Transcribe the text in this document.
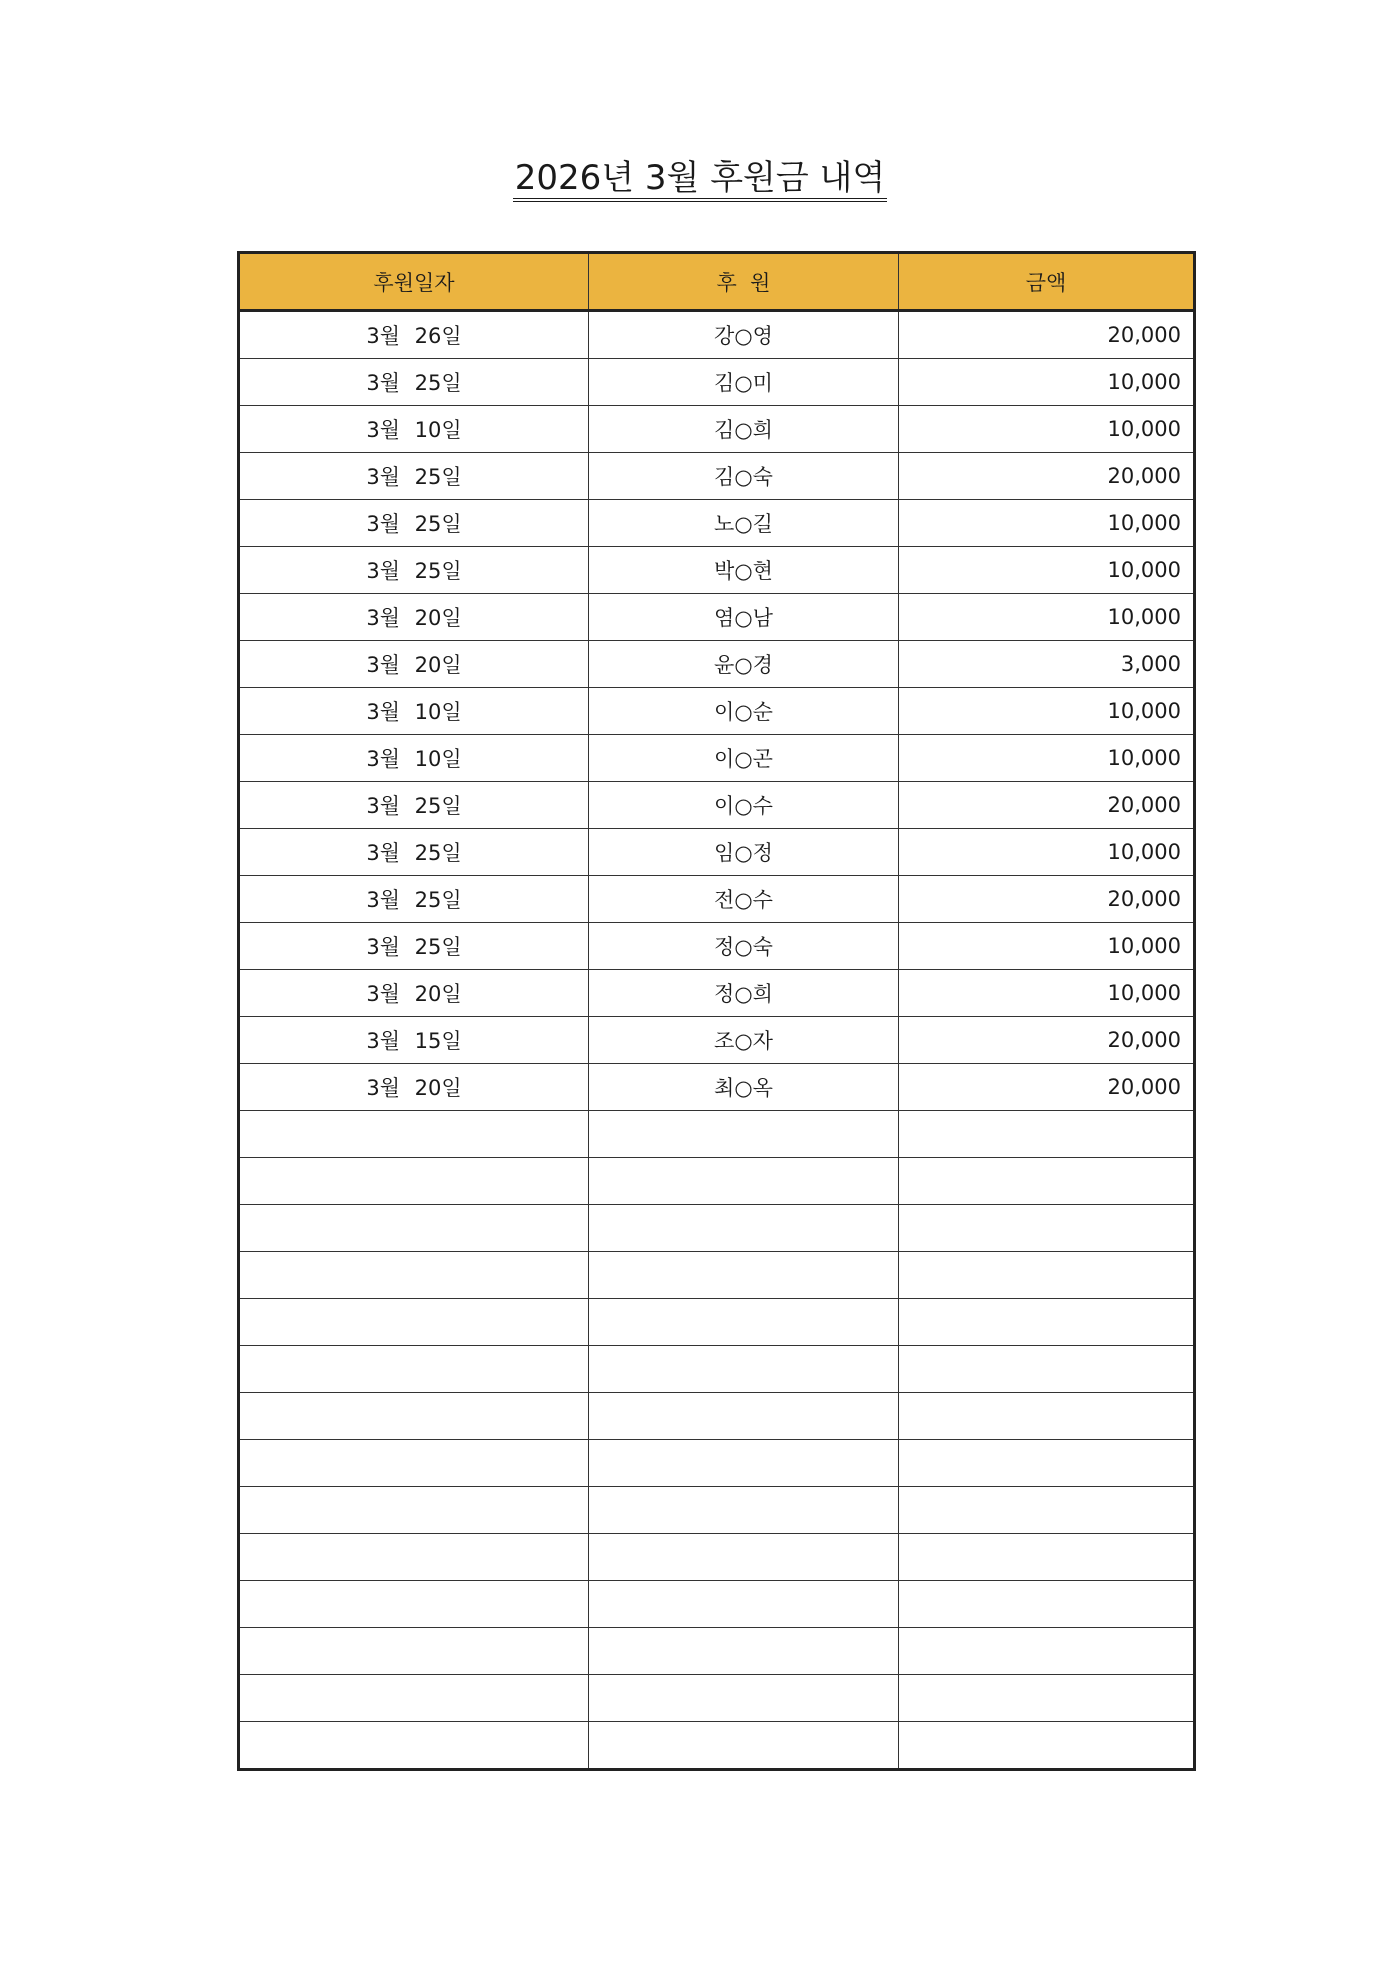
2026년 3월 후원금 내역
후원일자	후  원	금액
3월 26일	강○영	20,000
3월 25일	김○미	10,000
3월 10일	김○희	10,000
3월 25일	김○숙	20,000
3월 25일	노○길	10,000
3월 25일	박○현	10,000
3월 20일	염○남	10,000
3월 20일	윤○경	3,000
3월 10일	이○순	10,000
3월 10일	이○곤	10,000
3월 25일	이○수	20,000
3월 25일	임○정	10,000
3월 25일	전○수	20,000
3월 25일	정○숙	10,000
3월 20일	정○희	10,000
3월 15일	조○자	20,000
3월 20일	최○옥	20,000
